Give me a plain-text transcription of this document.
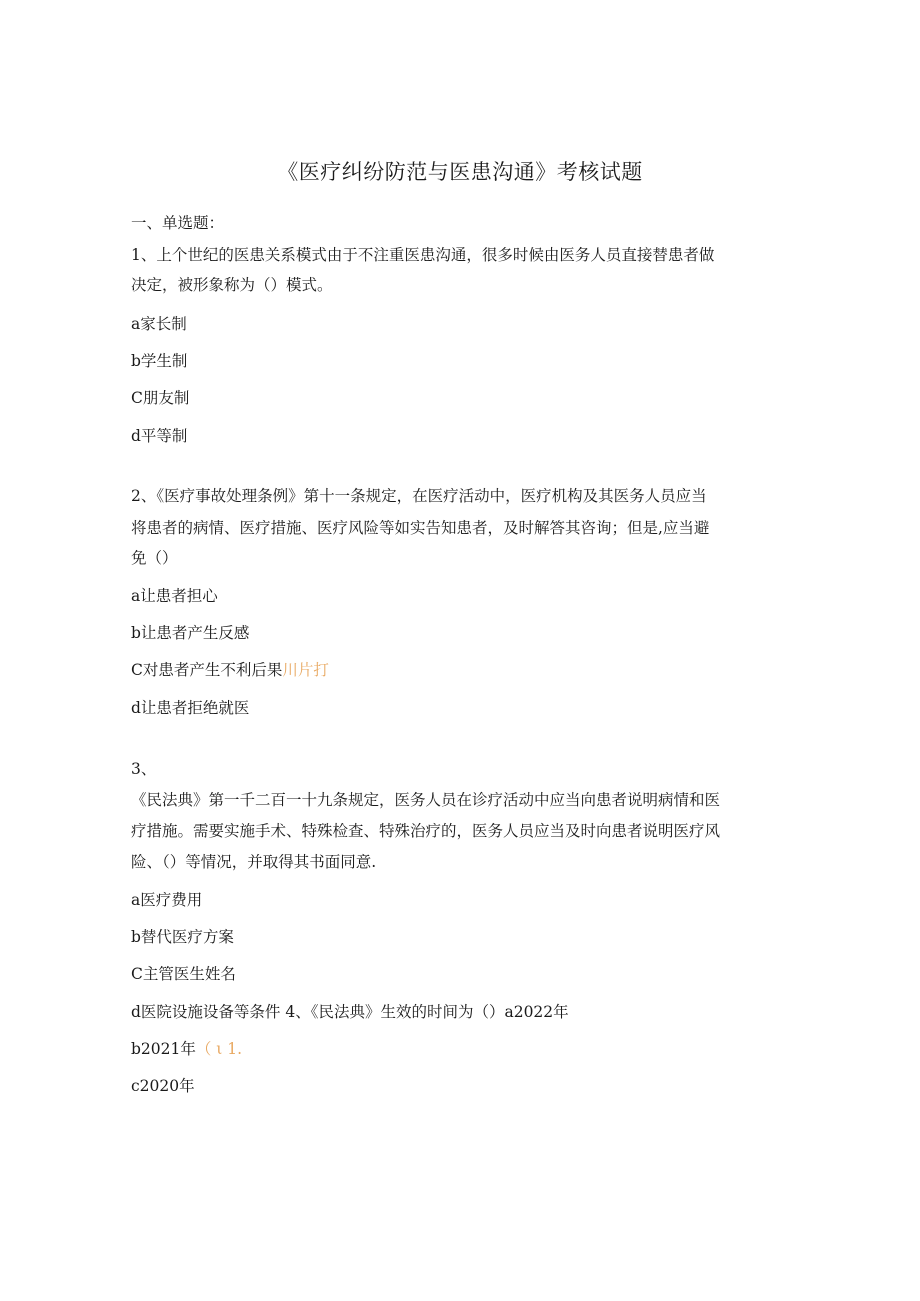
《医疗纠纷防范与医患沟通》考核试题
一、单选题：
1、上个世纪的医患关系模式由于不注重医患沟通，很多时候由医务人员直接替患者做
决定，被形象称为（）模式。
a家长制
b学生制
C朋友制
d平等制
2、《医疗事故处理条例》第十一条规定，在医疗活动中，医疗机构及其医务人员应当
将患者的病情、医疗措施、医疗风险等如实告知患者，及时解答其咨询；但是,应当避
免（）
a让患者担心
b让患者产生反感
C对患者产生不利后果川片打
d让患者拒绝就医
3、
《民法典》第一千二百一十九条规定，医务人员在诊疗活动中应当向患者说明病情和医
疗措施。需要实施手术、特殊检查、特殊治疗的，医务人员应当及时向患者说明医疗风
险、（）等情况，并取得其书面同意.
a医疗费用
b替代医疗方案
C主管医生姓名
d医院设施设备等条件 4、《民法典》生效的时间为（）a2022年
b2021年（ ι 1.
c2020年
